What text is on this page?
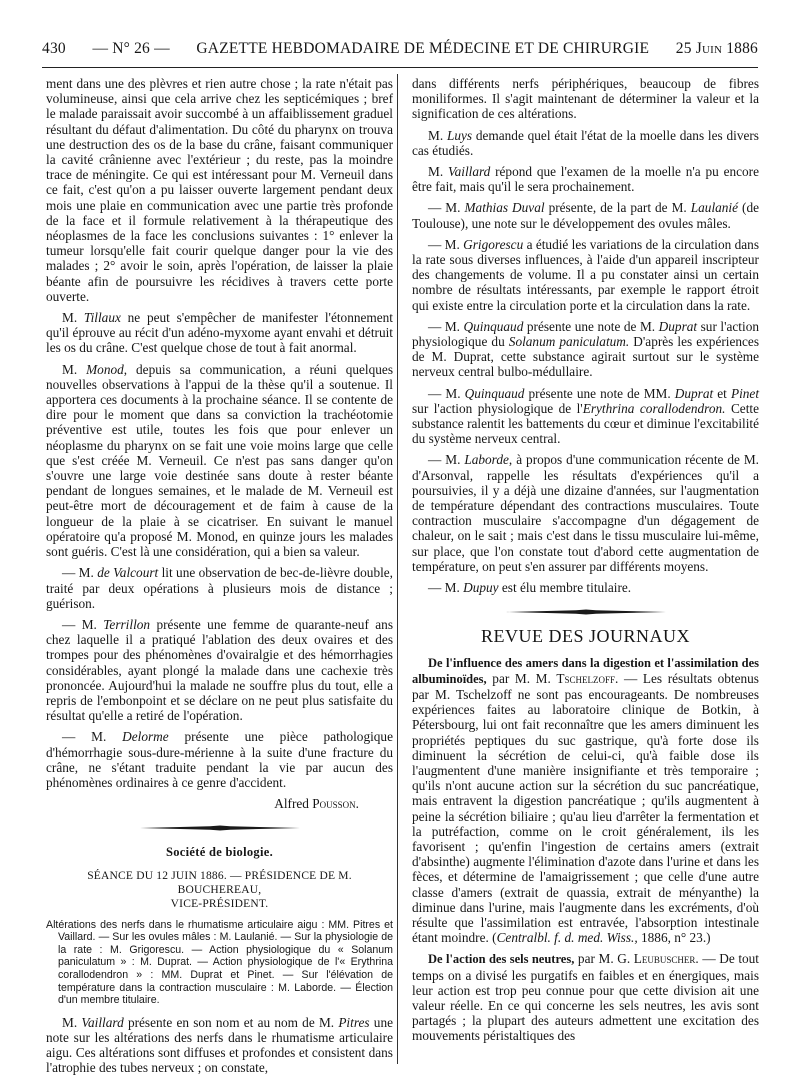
430 — N° 26 — GAZETTE HEBDOMADAIRE DE MÉDECINE ET DE CHIRURGIE 25 Juin 1886

ment dans une des plèvres et rien autre chose ; la rate n'était pas volumineuse, ainsi que cela arrive chez les septicémiques ; bref le malade paraissait avoir succombé à un affaiblissement graduel résultant du défaut d'alimentation. Du côté du pharynx on trouva une destruction des os de la base du crâne, faisant communiquer la cavité crânienne avec l'extérieur ; du reste, pas la moindre trace de méningite. Ce qui est intéressant pour M. Verneuil dans ce fait, c'est qu'on a pu laisser ouverte largement pendant deux mois une plaie en communication avec une partie très profonde de la face et il formule relativement à la thérapeutique des néoplasmes de la face les conclusions suivantes : 1° enlever la tumeur lorsqu'elle fait courir quelque danger pour la vie des malades ; 2° avoir le soin, après l'opération, de laisser la plaie béante afin de poursuivre les récidives à travers cette porte ouverte.

M. Tillaux ne peut s'empêcher de manifester l'étonnement qu'il éprouve au récit d'un adéno-myxome ayant envahi et détruit les os du crâne. C'est quelque chose de tout à fait anormal.

M. Monod, depuis sa communication, a réuni quelques nouvelles observations à l'appui de la thèse qu'il a soutenue. Il apportera ces documents à la prochaine séance. Il se contente de dire pour le moment que dans sa conviction la trachéotomie préventive est utile, toutes les fois que pour enlever un néoplasme du pharynx on se fait une voie moins large que celle que s'est créée M. Verneuil. Ce n'est pas sans danger qu'on s'ouvre une large voie destinée sans doute à rester béante pendant de longues semaines, et le malade de M. Verneuil est peut-être mort de découragement et de faim à cause de la longueur de la plaie à se cicatriser. En suivant le manuel opératoire qu'a proposé M. Monod, en quinze jours les malades sont guéris. C'est là une considération, qui a bien sa valeur.

— M. de Valcourt lit une observation de bec-de-lièvre double, traité par deux opérations à plusieurs mois de distance ; guérison.

— M. Terrillon présente une femme de quarante-neuf ans chez laquelle il a pratiqué l'ablation des deux ovaires et des trompes pour des phénomènes d'ovairalgie et des hémorrhagies considérables, ayant plongé la malade dans une cachexie très prononcée. Aujourd'hui la malade ne souffre plus du tout, elle a repris de l'embonpoint et se déclare on ne peut plus satisfaite du résultat qu'elle a retiré de l'opération.

— M. Delorme présente une pièce pathologique d'hémorrhagie sous-dure-mérienne à la suite d'une fracture du crâne, ne s'étant traduite pendant la vie par aucun des phénomènes ordinaires à ce genre d'accident.

Alfred Pousson.

Société de biologie.

SÉANCE DU 12 JUIN 1886. — PRÉSIDENCE DE M. BOUCHEREAU,
VICE-PRÉSIDENT.

Altérations des nerfs dans le rhumatisme articulaire aigu : MM. Pitres et Vaillard. — Sur les ovules mâles : M. Laulanié. — Sur la physiologie de la rate : M. Grigorescu. — Action physiologique du « Solanum paniculatum » : M. Duprat. — Action physiologique de l'« Erythrina corallodendron » : MM. Duprat et Pinet. — Sur l'élévation de température dans la contraction musculaire : M. Laborde. — Élection d'un membre titulaire.

M. Vaillard présente en son nom et au nom de M. Pitres une note sur les altérations des nerfs dans le rhumatisme articulaire aigu. Ces altérations sont diffuses et profondes et consistent dans l'atrophie des tubes nerveux ; on constate,

dans différents nerfs périphériques, beaucoup de fibres moniliformes. Il s'agit maintenant de déterminer la valeur et la signification de ces altérations.

M. Luys demande quel était l'état de la moelle dans les divers cas étudiés.

M. Vaillard répond que l'examen de la moelle n'a pu encore être fait, mais qu'il le sera prochainement.

— M. Mathias Duval présente, de la part de M. Laulanié (de Toulouse), une note sur le développement des ovules mâles.

— M. Grigorescu a étudié les variations de la circulation dans la rate sous diverses influences, à l'aide d'un appareil inscripteur des changements de volume. Il a pu constater ainsi un certain nombre de résultats intéressants, par exemple le rapport étroit qui existe entre la circulation porte et la circulation dans la rate.

— M. Quinquaud présente une note de M. Duprat sur l'action physiologique du Solanum paniculatum. D'après les expériences de M. Duprat, cette substance agirait surtout sur le système nerveux central bulbo-médullaire.

— M. Quinquaud présente une note de MM. Duprat et Pinet sur l'action physiologique de l'Erythrina corallodendron. Cette substance ralentit les battements du cœur et diminue l'excitabilité du système nerveux central.

— M. Laborde, à propos d'une communication récente de M. d'Arsonval, rappelle les résultats d'expériences qu'il a poursuivies, il y a déjà une dizaine d'années, sur l'augmentation de température dépendant des contractions musculaires. Toute contraction musculaire s'accompagne d'un dégagement de chaleur, on le sait ; mais c'est dans le tissu musculaire lui-même, sur place, que l'on constate tout d'abord cette augmentation de température, on peut s'en assurer par différents moyens.

— M. Dupuy est élu membre titulaire.

REVUE DES JOURNAUX

De l'influence des amers dans la digestion et l'assimilation des albuminoïdes, par M. M. Tschelzoff. — Les résultats obtenus par M. Tschelzoff ne sont pas encourageants. De nombreuses expériences faites au laboratoire clinique de Botkin, à Pétersbourg, lui ont fait reconnaître que les amers diminuent les propriétés peptiques du suc gastrique, qu'à forte dose ils diminuent la sécrétion de celui-ci, qu'à faible dose ils l'augmentent d'une manière insignifiante et très temporaire ; qu'ils n'ont aucune action sur la sécrétion du suc pancréatique, mais entravent la digestion pancréatique ; qu'ils augmentent à peine la sécrétion biliaire ; qu'au lieu d'arrêter la fermentation et la putréfaction, comme on le croit généralement, ils les favorisent ; qu'enfin l'ingestion de certains amers (extrait d'absinthe) augmente l'élimination d'azote dans l'urine et dans les fèces, et détermine de l'amaigrissement ; que celle d'une autre classe d'amers (extrait de quassia, extrait de ményanthe) la diminue dans l'urine, mais l'augmente dans les excréments, d'où résulte que l'assimilation est entravée, l'absorption intestinale étant moindre. (Centralbl. f. d. med. Wiss., 1886, n° 23.)

De l'action des sels neutres, par M. G. Leubuscher. — De tout temps on a divisé les purgatifs en faibles et en énergiques, mais leur action est trop peu connue pour que cette division ait une valeur réelle. En ce qui concerne les sels neutres, les avis sont partagés ; la plupart des auteurs admettent une excitation des mouvements péristaltiques des
